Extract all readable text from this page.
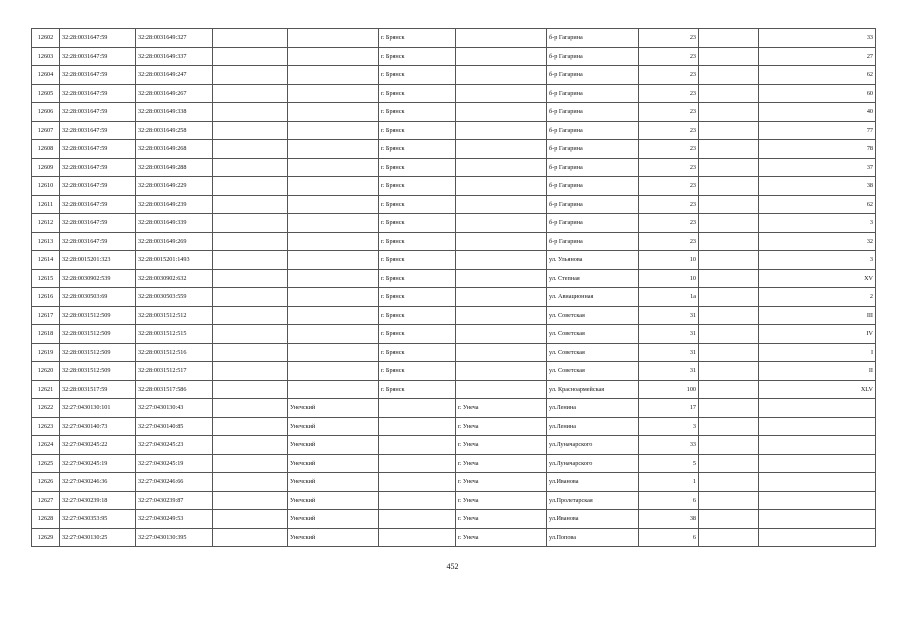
12602	32:28:0031647:59	32:28:0031649:327			г. Брянск		б-р Гагарина	23		33
12603	32:28:0031647:59	32:28:0031649:337			г. Брянск		б-р Гагарина	23		27
12604	32:28:0031647:59	32:28:0031649:247			г. Брянск		б-р Гагарина	23		62
12605	32:28:0031647:59	32:28:0031649:267			г. Брянск		б-р Гагарина	23		60
12606	32:28:0031647:59	32:28:0031649:338			г. Брянск		б-р Гагарина	23		40
12607	32:28:0031647:59	32:28:0031649:258			г. Брянск		б-р Гагарина	23		77
12608	32:28:0031647:59	32:28:0031649:268			г. Брянск		б-р Гагарина	23		78
12609	32:28:0031647:59	32:28:0031649:288			г. Брянск		б-р Гагарина	23		37
12610	32:28:0031647:59	32:28:0031649:229			г. Брянск		б-р Гагарина	23		38
12611	32:28:0031647:59	32:28:0031649:239			г. Брянск		б-р Гагарина	23		62
12612	32:28:0031647:59	32:28:0031649:339			г. Брянск		б-р Гагарина	23		3
12613	32:28:0031647:59	32:28:0031649:269			г. Брянск		б-р Гагарина	23		32
12614	32:28:0015201:323	32:28:0015201:1493			г. Брянск		ул. Ульянова	10		3
12615	32:28:0030902:539	32:28:0030902:632			г. Брянск		ул. Степная	10		XV
12616	32:28:0030503:69	32:28:0030503:559			г. Брянск		ул. Авиационная	1а		2
12617	32:28:0031512:509	32:28:0031512:512			г. Брянск		ул. Советская	31		III
12618	32:28:0031512:509	32:28:0031512:515			г. Брянск		ул. Советская	31		IV
12619	32:28:0031512:509	32:28:0031512:516			г. Брянск		ул. Советская	31		I
12620	32:28:0031512:509	32:28:0031512:517			г. Брянск		ул. Советская	31		II
12621	32:28:0031517:59	32:28:0031517:586			г. Брянск		ул. Красноармейская	100		XLV
12622	32:27:0430130:101	32:27:0430130:43		Унечский		г. Унеча	ул.Ленина	17		
12623	32:27:0430140:73	32:27:0430140:85		Унечский		г. Унеча	ул.Ленина	3		
12624	32:27:0430245:22	32:27:0430245:23		Унечский		г. Унеча	ул.Луначарского	33		
12625	32:27:0430245:19	32:27:0430245:19		Унечский		г. Унеча	ул.Луначарского	5		
12626	32:27:0430246:36	32:27:0430246:66		Унечский		г. Унеча	ул.Иванова	1		
12627	32:27:0430239:18	32:27:0430239:87		Унечский		г. Унеча	ул.Пролетарская	6		
12628	32:27:0430353:95	32:27:0430249:53		Унечский		г. Унеча	ул.Иванова	38		
12629	32:27:0430130:25	32:27:0430130:395		Унечский		г. Унеча	ул.Попова	6		
452
